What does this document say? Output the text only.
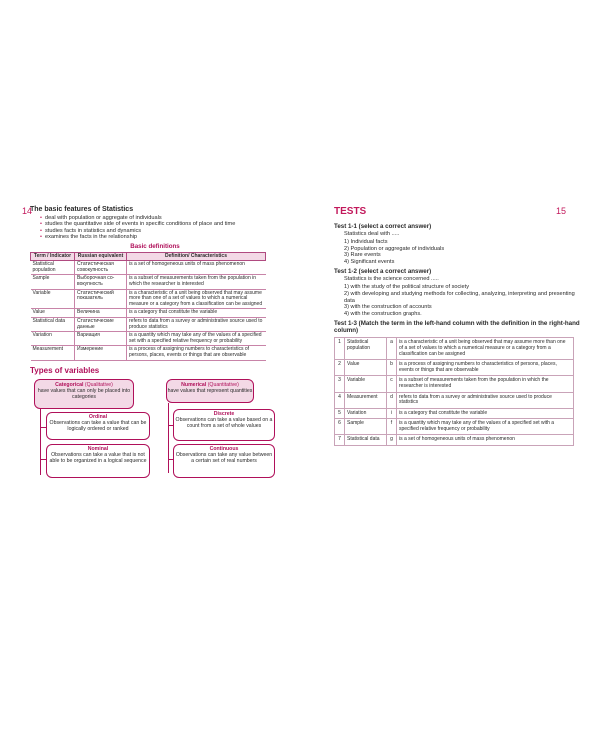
14	15
The basic features of Statistics
• deal with population or aggregate of individuals
• studies the quantitative side of events in specific conditions of place and time
• studies facts in statistics and dynamics
• examines the facts in the relationship
Basic definitions
Term / Indicator	Russian equivalent	Definition/ Characteristics
Statistical population	Статистическая совокупность	is a set of homogeneous units of mass phenomenon
Sample	Выборочная со-вокупность	is a subset of measurements taken from the population in which the researcher is interested
Variable	Статистический показатель	is a characteristic of a unit being observed that may assume more than one of a set of values to which a numerical measure or a category from a classification can be assigned
Value	Величина	is a category that constitute the variable
Statistical data	Статистические данные	refers to data from a survey or administrative source used to produce statistics
Variation	Вариация	is a quantity which may take any of the values of a specified set with a specified relative frequency or probability
Measurement	Измерение	is a process of assigning numbers to characteristics of persons, places, events or things that are observable
Types of variables
Categorical (Qualitative)
have values that can only be placed into categories
Ordinal
Observations can take a value that can be logically ordered or ranked
Nominal
Observations can take a value that is not able to be organized in a logical sequence
Numerical (Quantitative)
have values that represent quantities
Discrete
Observations can take a value based on a count from a set of whole values
Continuous
Observations can take any value between a certain set of real numbers
TESTS
Test 1-1 (select a correct answer)
Statistics deal with .....
1) Individual facts
2) Population or aggregate of individuals
3) Rare events
4) Significant events
Test 1-2 (select a correct answer)
Statistics is the science concerned .....
1) with the study of the political structure of society
2) with developing and studying methods for collecting, analyzing, interpreting and presenting data
3) with the construction of accounts
4) with the construction graphs.
Test 1-3 (Match the term in the left-hand column with the definition in the right-hand column)
1	Statistical population	a	is a characteristic of a unit being observed that may assume more than one of a set of values to which a numerical measure or a category from a classification can be assigned
2	Value	b	is a process of assigning numbers to characteristics of persons, places, events or things that are observable
3	Variable	c	is a subset of measurements taken from the population in which the researcher is interested
4	Measurement	d	refers to data from a survey or administrative source used to produce statistics
5	Variation	i	is a category that constitute the variable
6	Sample	f	is a quantity which may take any of the values of a specified set with a specified relative frequency or probability
7	Statistical data	g	is a set of homogeneous units of mass phenomenon
